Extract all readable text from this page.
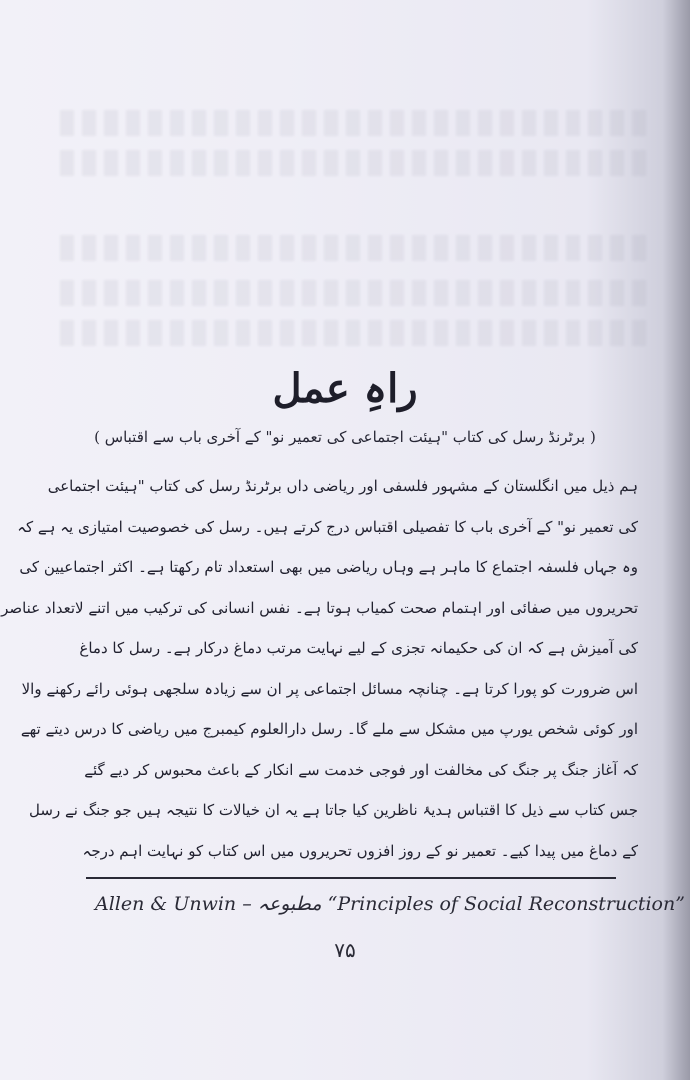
راہِ عمل
( برٹرنڈ رسل کی کتاب "ہیئت اجتماعی کی تعمیر نو" کے آخری باب سے اقتباس )
ہم ذیل میں انگلستان کے مشہور فلسفی اور ریاضی داں برٹرنڈ رسل کی کتاب "ہیئت اجتماعی
کی تعمیر نو" کے آخری باب کا تفصیلی اقتباس درج کرتے ہیں۔ رسل کی خصوصیت امتیازی یہ ہے کہ
وہ جہاں فلسفہ اجتماع کا ماہر ہے وہاں ریاضی میں بھی استعداد تام رکھتا ہے۔ اکثر اجتماعیین کی
تحریروں میں صفائی اور اہتمام صحت کمیاب ہوتا ہے۔ نفس انسانی کی ترکیب میں اتنے لاتعداد عناصر
کی آمیزش ہے کہ ان کی حکیمانہ تجزی کے لیے نہایت مرتب دماغ درکار ہے۔ رسل کا دماغ
اس ضرورت کو پورا کرتا ہے۔ چنانچہ مسائل اجتماعی پر ان سے زیادہ سلجھی ہوئی رائے رکھنے والا
اور کوئی شخص یورپ میں مشکل سے ملے گا۔ رسل دارالعلوم کیمبرج میں ریاضی کا درس دیتے تھے
کہ آغاز جنگ پر جنگ کی مخالفت اور فوجی خدمت سے انکار کے باعث محبوس کر دیے گئے
جس کتاب سے ذیل کا اقتباس ہدیۂ ناظرین کیا جاتا ہے یہ ان خیالات کا نتیجہ ہیں جو جنگ نے رسل
کے دماغ میں پیدا کیے۔ تعمیر نو کے روز افزوں تحریروں میں اس کتاب کو نہایت اہم درجہ
Allen & Unwin – مطبوعہ “Principles of Social Reconstruction”
۷۵
